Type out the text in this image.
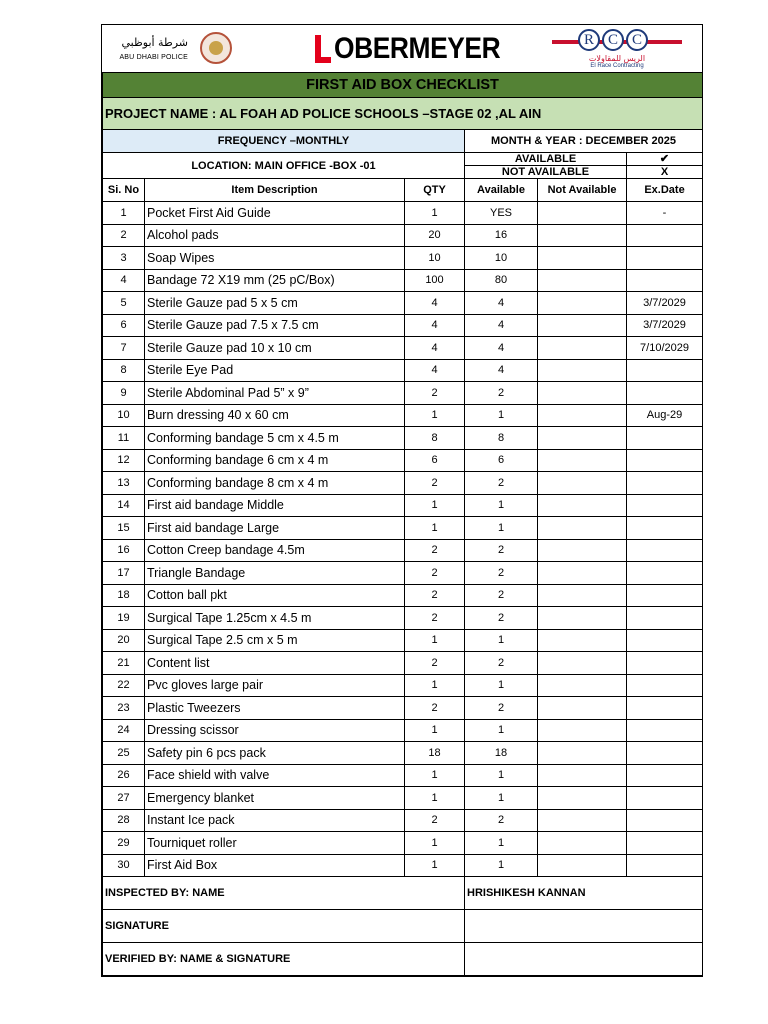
شرطة أبوظبي
ABU DHABI POLICE	OBERMEYER	R C C
الريس للمقاولات
El Race Contracting
FIRST AID BOX CHECKLIST					
PROJECT NAME : AL FOAH AD POLICE SCHOOLS –STAGE 02 ,AL AIN					
FREQUENCY –MONTHLY			MONTH & YEAR : DECEMBER 2025		
LOCATION: MAIN OFFICE -BOX -01			AVAILABLE		✔
			NOT AVAILABLE		X
Si. No	Item Description	QTY	Available	Not Available	Ex.Date
1	Pocket First Aid Guide	1	YES		-
2	Alcohol pads	20	16		
3	Soap Wipes	10	10		
4	Bandage 72 X19 mm (25 pC/Box)	100	80		
5	Sterile Gauze pad 5 x 5 cm	4	4		3/7/2029
6	Sterile Gauze pad 7.5 x 7.5 cm	4	4		3/7/2029
7	Sterile Gauze pad 10 x 10 cm	4	4		7/10/2029
8	Sterile Eye Pad	4	4		
9	Sterile Abdominal Pad 5” x 9”	2	2		
10	Burn dressing 40 x 60 cm	1	1		Aug-29
11	Conforming bandage 5 cm x 4.5 m	8	8		
12	Conforming bandage 6 cm x 4 m	6	6		
13	Conforming bandage 8 cm x 4 m	2	2		
14	First aid bandage Middle	1	1		
15	First aid bandage Large	1	1		
16	Cotton Creep bandage 4.5m	2	2		
17	Triangle Bandage	2	2		
18	Cotton ball pkt	2	2		
19	Surgical Tape 1.25cm x 4.5 m	2	2		
20	Surgical Tape 2.5 cm x 5 m	1	1		
21	Content list	2	2		
22	Pvc gloves large pair	1	1		
23	Plastic Tweezers	2	2		
24	Dressing scissor	1	1		
25	Safety pin 6 pcs pack	18	18		
26	Face shield with valve	1	1		
27	Emergency blanket	1	1		
28	Instant Ice pack	2	2		
29	Tourniquet roller	1	1		
30	First Aid Box	1	1		
INSPECTED BY: NAME			HRISHIKESH KANNAN		
SIGNATURE					
VERIFIED BY: NAME & SIGNATURE					
